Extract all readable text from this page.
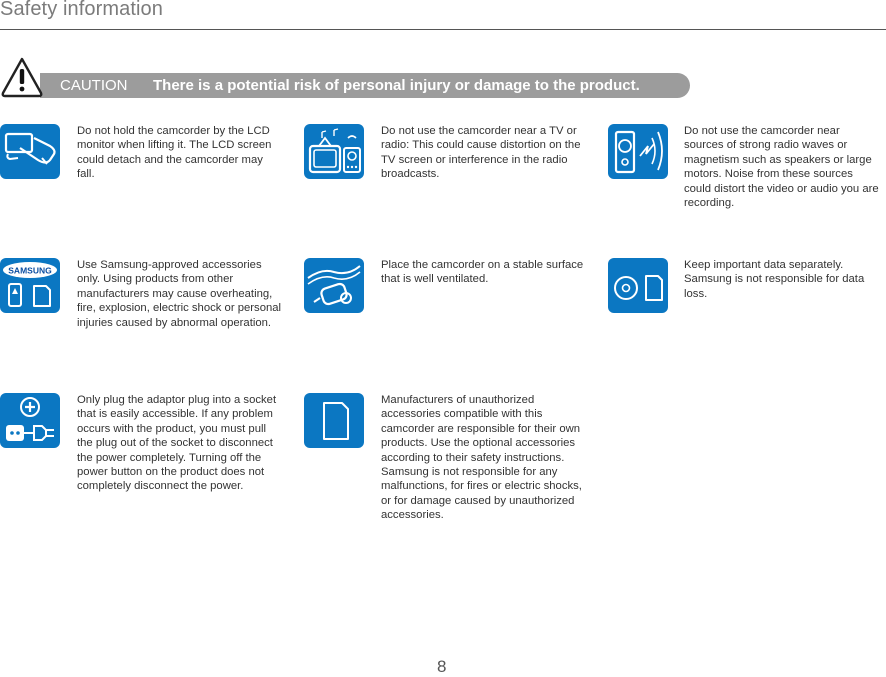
Safety information
CAUTION There is a potential risk of personal injury or damage to the product.
Do not hold the camcorder by the LCD monitor when lifting it. The LCD screen could detach and the camcorder may fall.
Do not use the camcorder near a TV or radio: This could cause distortion on the TV screen or interference in the radio broadcasts.
Do not use the camcorder near sources of strong radio waves or magnetism such as speakers or large motors. Noise from these sources could distort the video or audio you are recording.
SAMSUNG Use Samsung-approved accessories only. Using products from other manufacturers may cause overheating, fire, explosion, electric shock or personal injuries caused by abnormal operation.
Place the camcorder on a stable surface that is well ventilated.
Keep important data separately. Samsung is not responsible for data loss.
Only plug the adaptor plug into a socket that is easily accessible. If any problem occurs with the product, you must pull the plug out of the socket to disconnect the power completely. Turning off the power button on the product does not completely disconnect the power.
Manufacturers of unauthorized accessories compatible with this camcorder are responsible for their own products. Use the optional accessories according to their safety instructions. Samsung is not responsible for any malfunctions, for fires or electric shocks, or for damage caused by unauthorized accessories.
8
